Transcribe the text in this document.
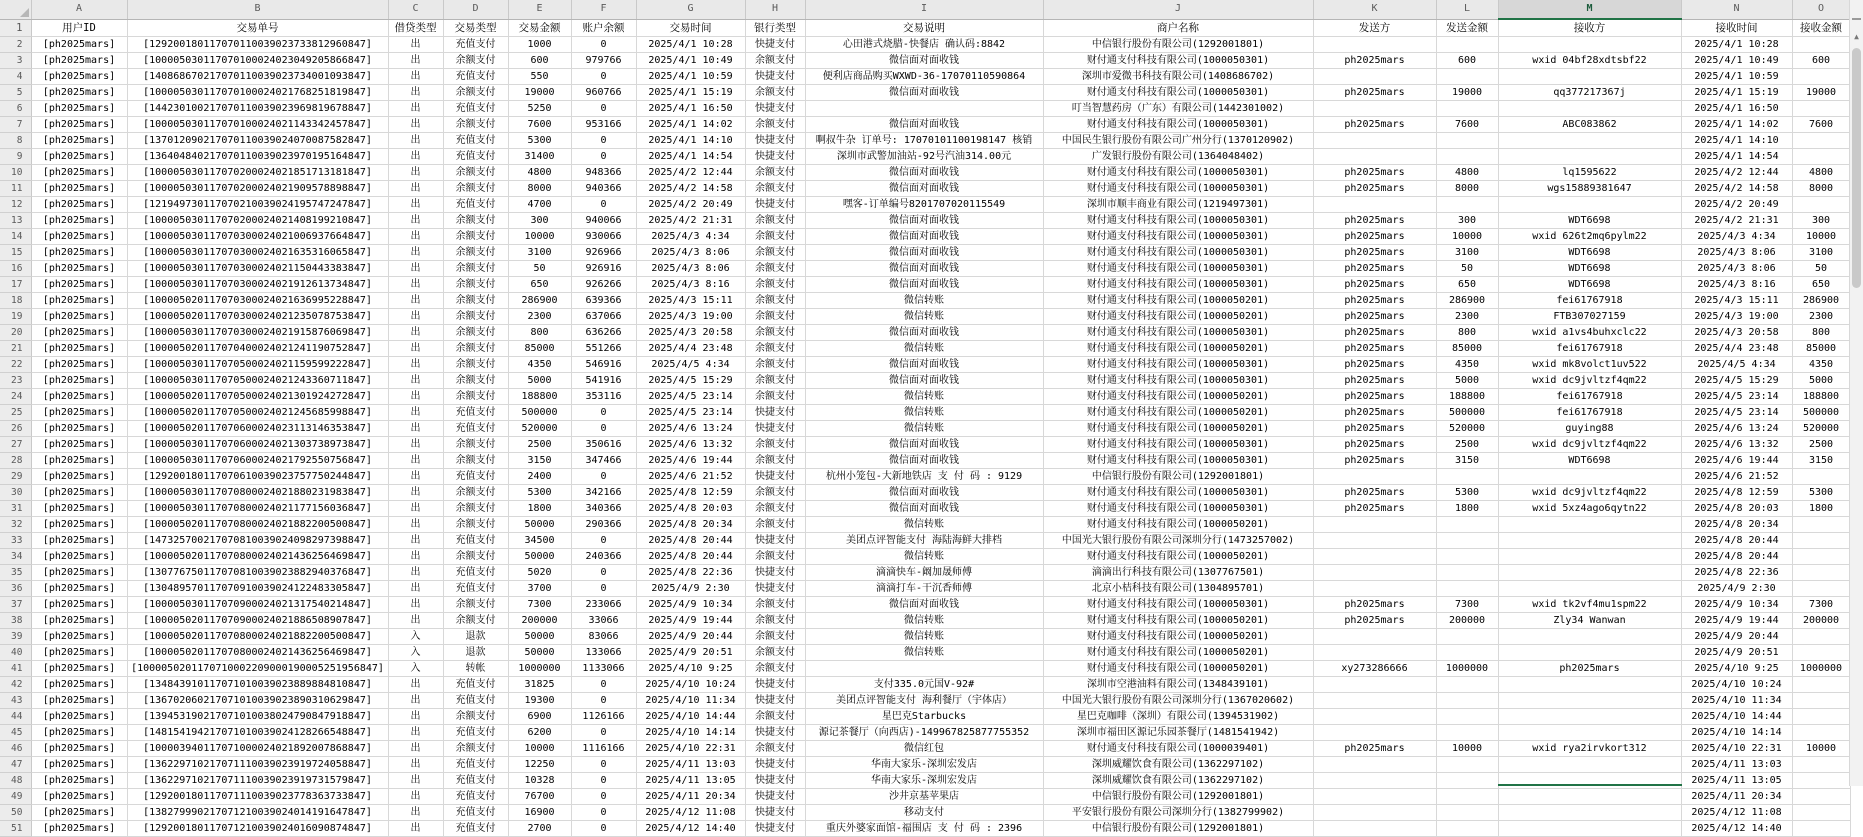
	A	B	C	D	E	F	G	H	I	J	K	L	M	N	O
1	用户ID	交易单号	借贷类型	交易类型	交易金额	账户余额	交易时间	银行类型	交易说明	商户名称	发送方	发送金额	接收方	接收时间	接收金额
2	[ph2025mars]	[129200180117070110039023733812960847]	出	充值支付	1000	0	2025/4/1 10:28	快捷支付	心田港式烧腊-快餐店 确认码:8842	中信银行股份有限公司(1292001801)				2025/4/1 10:28	
3	[ph2025mars]	[100005030117070100024023049205866847]	出	余额支付	600	979766	2025/4/1 10:49	余额支付	微信面对面收钱	财付通支付科技有限公司(1000050301)	ph2025mars	600	wxid 04bf28xdtsbf22	2025/4/1 10:49	600
4	[ph2025mars]	[140868670217070110039023734001093847]	出	充值支付	550	0	2025/4/1 10:59	快捷支付	便利店商品购买WXWD-36-17070110590864	深圳市爱微书科技有限公司(1408686702)				2025/4/1 10:59	
5	[ph2025mars]	[100005030117070100024021768251819847]	出	余额支付	19000	960766	2025/4/1 15:19	余额支付	微信面对面收钱	财付通支付科技有限公司(1000050301)	ph2025mars	19000	qq377217367j	2025/4/1 15:19	19000
6	[ph2025mars]	[144230100217070110039023969819678847]	出	充值支付	5250	0	2025/4/1 16:50	快捷支付		叮当智慧药房（广东）有限公司(1442301002)				2025/4/1 16:50	
7	[ph2025mars]	[100005030117070100024021143342457847]	出	余额支付	7600	953166	2025/4/1 14:02	余额支付	微信面对面收钱	财付通支付科技有限公司(1000050301)	ph2025mars	7600	ABC083862	2025/4/1 14:02	7600
8	[ph2025mars]	[137012090217070110039024070087582847]	出	充值支付	5300	0	2025/4/1 14:10	快捷支付	啊叔牛杂 订单号: 17070101100198147 核销	中国民生银行股份有限公司广州分行(1370120902)				2025/4/1 14:10	
9	[ph2025mars]	[136404840217070110039023970195164847]	出	充值支付	31400	0	2025/4/1 14:54	快捷支付	深圳市武警加油站-92号汽油314.00元	广发银行股份有限公司(1364048402)				2025/4/1 14:54	
10	[ph2025mars]	[100005030117070200024021851713181847]	出	余额支付	4800	948366	2025/4/2 12:44	余额支付	微信面对面收钱	财付通支付科技有限公司(1000050301)	ph2025mars	4800	lq1595622	2025/4/2 12:44	4800
11	[ph2025mars]	[100005030117070200024021909578898847]	出	余额支付	8000	940366	2025/4/2 14:58	余额支付	微信面对面收钱	财付通支付科技有限公司(1000050301)	ph2025mars	8000	wgs15889381647	2025/4/2 14:58	8000
12	[ph2025mars]	[121949730117070210039024195747247847]	出	充值支付	4700	0	2025/4/2 20:49	快捷支付	嘿客-订单编号8201707020115549	深圳市顺丰商业有限公司(1219497301)				2025/4/2 20:49	
13	[ph2025mars]	[100005030117070200024021408199210847]	出	余额支付	300	940066	2025/4/2 21:31	余额支付	微信面对面收钱	财付通支付科技有限公司(1000050301)	ph2025mars	300	WDT6698	2025/4/2 21:31	300
14	[ph2025mars]	[100005030117070300024021006937664847]	出	余额支付	10000	930066	2025/4/3 4:34	余额支付	微信面对面收钱	财付通支付科技有限公司(1000050301)	ph2025mars	10000	wxid 626t2mq6pylm22	2025/4/3 4:34	10000
15	[ph2025mars]	[100005030117070300024021635316065847]	出	余额支付	3100	926966	2025/4/3 8:06	余额支付	微信面对面收钱	财付通支付科技有限公司(1000050301)	ph2025mars	3100	WDT6698	2025/4/3 8:06	3100
16	[ph2025mars]	[100005030117070300024021150443383847]	出	余额支付	50	926916	2025/4/3 8:06	余额支付	微信面对面收钱	财付通支付科技有限公司(1000050301)	ph2025mars	50	WDT6698	2025/4/3 8:06	50
17	[ph2025mars]	[100005030117070300024021912613734847]	出	余额支付	650	926266	2025/4/3 8:16	余额支付	微信面对面收钱	财付通支付科技有限公司(1000050301)	ph2025mars	650	WDT6698	2025/4/3 8:16	650
18	[ph2025mars]	[100005020117070300024021636995228847]	出	余额支付	286900	639366	2025/4/3 15:11	余额支付	微信转账	财付通支付科技有限公司(1000050201)	ph2025mars	286900	fei61767918	2025/4/3 15:11	286900
19	[ph2025mars]	[100005020117070300024021235078753847]	出	余额支付	2300	637066	2025/4/3 19:00	余额支付	微信转账	财付通支付科技有限公司(1000050201)	ph2025mars	2300	FTB307027159	2025/4/3 19:00	2300
20	[ph2025mars]	[100005030117070300024021915876069847]	出	余额支付	800	636266	2025/4/3 20:58	余额支付	微信面对面收钱	财付通支付科技有限公司(1000050301)	ph2025mars	800	wxid a1vs4buhxclc22	2025/4/3 20:58	800
21	[ph2025mars]	[100005020117070400024021241190752847]	出	余额支付	85000	551266	2025/4/4 23:48	余额支付	微信转账	财付通支付科技有限公司(1000050201)	ph2025mars	85000	fei61767918	2025/4/4 23:48	85000
22	[ph2025mars]	[100005030117070500024021159599222847]	出	余额支付	4350	546916	2025/4/5 4:34	余额支付	微信面对面收钱	财付通支付科技有限公司(1000050301)	ph2025mars	4350	wxid mk8volct1uv522	2025/4/5 4:34	4350
23	[ph2025mars]	[100005030117070500024021243360711847]	出	余额支付	5000	541916	2025/4/5 15:29	余额支付	微信面对面收钱	财付通支付科技有限公司(1000050301)	ph2025mars	5000	wxid dc9jvltzf4qm22	2025/4/5 15:29	5000
24	[ph2025mars]	[100005020117070500024021301924272847]	出	余额支付	188800	353116	2025/4/5 23:14	余额支付	微信转账	财付通支付科技有限公司(1000050201)	ph2025mars	188800	fei61767918	2025/4/5 23:14	188800
25	[ph2025mars]	[100005020117070500024021245685998847]	出	充值支付	500000	0	2025/4/5 23:14	快捷支付	微信转账	财付通支付科技有限公司(1000050201)	ph2025mars	500000	fei61767918	2025/4/5 23:14	500000
26	[ph2025mars]	[100005020117070600024023113146353847]	出	充值支付	520000	0	2025/4/6 13:24	快捷支付	微信转账	财付通支付科技有限公司(1000050201)	ph2025mars	520000	guying88	2025/4/6 13:24	520000
27	[ph2025mars]	[100005030117070600024021303738973847]	出	余额支付	2500	350616	2025/4/6 13:32	余额支付	微信面对面收钱	财付通支付科技有限公司(1000050301)	ph2025mars	2500	wxid dc9jvltzf4qm22	2025/4/6 13:32	2500
28	[ph2025mars]	[100005030117070600024021792550756847]	出	余额支付	3150	347466	2025/4/6 19:44	余额支付	微信面对面收钱	财付通支付科技有限公司(1000050301)	ph2025mars	3150	WDT6698	2025/4/6 19:44	3150
29	[ph2025mars]	[129200180117070610039023757750244847]	出	充值支付	2400	0	2025/4/6 21:52	快捷支付	杭州小笼包-大新地铁店 支 付 码 : 9129	中信银行股份有限公司(1292001801)				2025/4/6 21:52	
30	[ph2025mars]	[100005030117070800024021880231983847]	出	余额支付	5300	342166	2025/4/8 12:59	余额支付	微信面对面收钱	财付通支付科技有限公司(1000050301)	ph2025mars	5300	wxid dc9jvltzf4qm22	2025/4/8 12:59	5300
31	[ph2025mars]	[100005030117070800024021177156036847]	出	余额支付	1800	340366	2025/4/8 20:03	余额支付	微信面对面收钱	财付通支付科技有限公司(1000050301)	ph2025mars	1800	wxid 5xz4ago6qytn22	2025/4/8 20:03	1800
32	[ph2025mars]	[100005020117070800024021882200500847]	出	余额支付	50000	290366	2025/4/8 20:34	余额支付	微信转账	财付通支付科技有限公司(1000050201)				2025/4/8 20:34	
33	[ph2025mars]	[147325700217070810039024098297398847]	出	充值支付	34500	0	2025/4/8 20:44	快捷支付	美团点评智能支付 海陆海鲜大排档	中国光大银行股份有限公司深圳分行(1473257002)				2025/4/8 20:44	
34	[ph2025mars]	[100005020117070800024021436256469847]	出	余额支付	50000	240366	2025/4/8 20:44	余额支付	微信转账	财付通支付科技有限公司(1000050201)				2025/4/8 20:44	
35	[ph2025mars]	[130776750117070810039023882940376847]	出	充值支付	5020	0	2025/4/8 22:36	快捷支付	滴滴快车-阚加晟师傅	滴滴出行科技有限公司(1307767501)				2025/4/8 22:36	
36	[ph2025mars]	[130489570117070910039024122483305847]	出	充值支付	3700	0	2025/4/9 2:30	快捷支付	滴滴打车-干沉香师傅	北京小桔科技有限公司(1304895701)				2025/4/9 2:30	
37	[ph2025mars]	[100005030117070900024021317540214847]	出	余额支付	7300	233066	2025/4/9 10:34	余额支付	微信面对面收钱	财付通支付科技有限公司(1000050301)	ph2025mars	7300	wxid tk2vf4mu1spm22	2025/4/9 10:34	7300
38	[ph2025mars]	[100005020117070900024021886508907847]	出	余额支付	200000	33066	2025/4/9 19:44	余额支付	微信转账	财付通支付科技有限公司(1000050201)	ph2025mars	200000	Zly34 Wanwan	2025/4/9 19:44	200000
39	[ph2025mars]	[100005020117070800024021882200500847]	入	退款	50000	83066	2025/4/9 20:44	余额支付	微信转账	财付通支付科技有限公司(1000050201)				2025/4/9 20:44	
40	[ph2025mars]	[100005020117070800024021436256469847]	入	退款	50000	133066	2025/4/9 20:51	余额支付	微信转账	财付通支付科技有限公司(1000050201)				2025/4/9 20:51	
41	[ph2025mars]	[1000050201170710002209000190005251956847]	入	转帐	1000000	1133066	2025/4/10 9:25	余额支付		财付通支付科技有限公司(1000050201)	xy273286666	1000000	ph2025mars	2025/4/10 9:25	1000000
42	[ph2025mars]	[134843910117071010039023889884810847]	出	充值支付	31825	0	2025/4/10 10:24	快捷支付	支付335.0元国V-92#	深圳市空港油料有限公司(1348439101)				2025/4/10 10:24	
43	[ph2025mars]	[136702060217071010039023890310629847]	出	充值支付	19300	0	2025/4/10 11:34	快捷支付	美团点评智能支付 海利餐厅（宇体店）	中国光大银行股份有限公司深圳分行(1367020602)				2025/4/10 11:34	
44	[ph2025mars]	[139453190217071010038024790847918847]	出	余额支付	6900	1126166	2025/4/10 14:44	余额支付	星巴克Starbucks	星巴克咖啡（深圳）有限公司(1394531902)				2025/4/10 14:44	
45	[ph2025mars]	[148154194217071010039024128266548847]	出	充值支付	6200	0	2025/4/10 14:14	快捷支付	源记茶餐厅（向西店)-149967825877755352	深圳市福田区源记乐园茶餐厅(1481541942)				2025/4/10 14:14	
46	[ph2025mars]	[100003940117071000024021892007868847]	出	余额支付	10000	1116166	2025/4/10 22:31	余额支付	微信红包	财付通支付科技有限公司(1000039401)	ph2025mars	10000	wxid rya2irvkort312	2025/4/10 22:31	10000
47	[ph2025mars]	[136229710217071110039023919724058847]	出	充值支付	12250	0	2025/4/11 13:03	快捷支付	华南大家乐-深圳宏发店	深圳威耀饮食有限公司(1362297102)				2025/4/11 13:03	
48	[ph2025mars]	[136229710217071110039023919731579847]	出	充值支付	10328	0	2025/4/11 13:05	快捷支付	华南大家乐-深圳宏发店	深圳威耀饮食有限公司(1362297102)				2025/4/11 13:05	
49	[ph2025mars]	[129200180117071110039023778363733847]	出	充值支付	76700	0	2025/4/11 20:34	快捷支付	沙井京基苹果店	中信银行股份有限公司(1292001801)				2025/4/11 20:34	
50	[ph2025mars]	[138279990217071210039024014191647847]	出	充值支付	16900	0	2025/4/12 11:08	快捷支付	移动支付	平安银行股份有限公司深圳分行(1382799902)				2025/4/12 11:08	
51	[ph2025mars]	[129200180117071210039024016090874847]	出	充值支付	2700	0	2025/4/12 14:40	快捷支付	重庆外婆家面馆-福围店 支 付 码 : 2396	中信银行股份有限公司(1292001801)				2025/4/12 14:40	
▲
